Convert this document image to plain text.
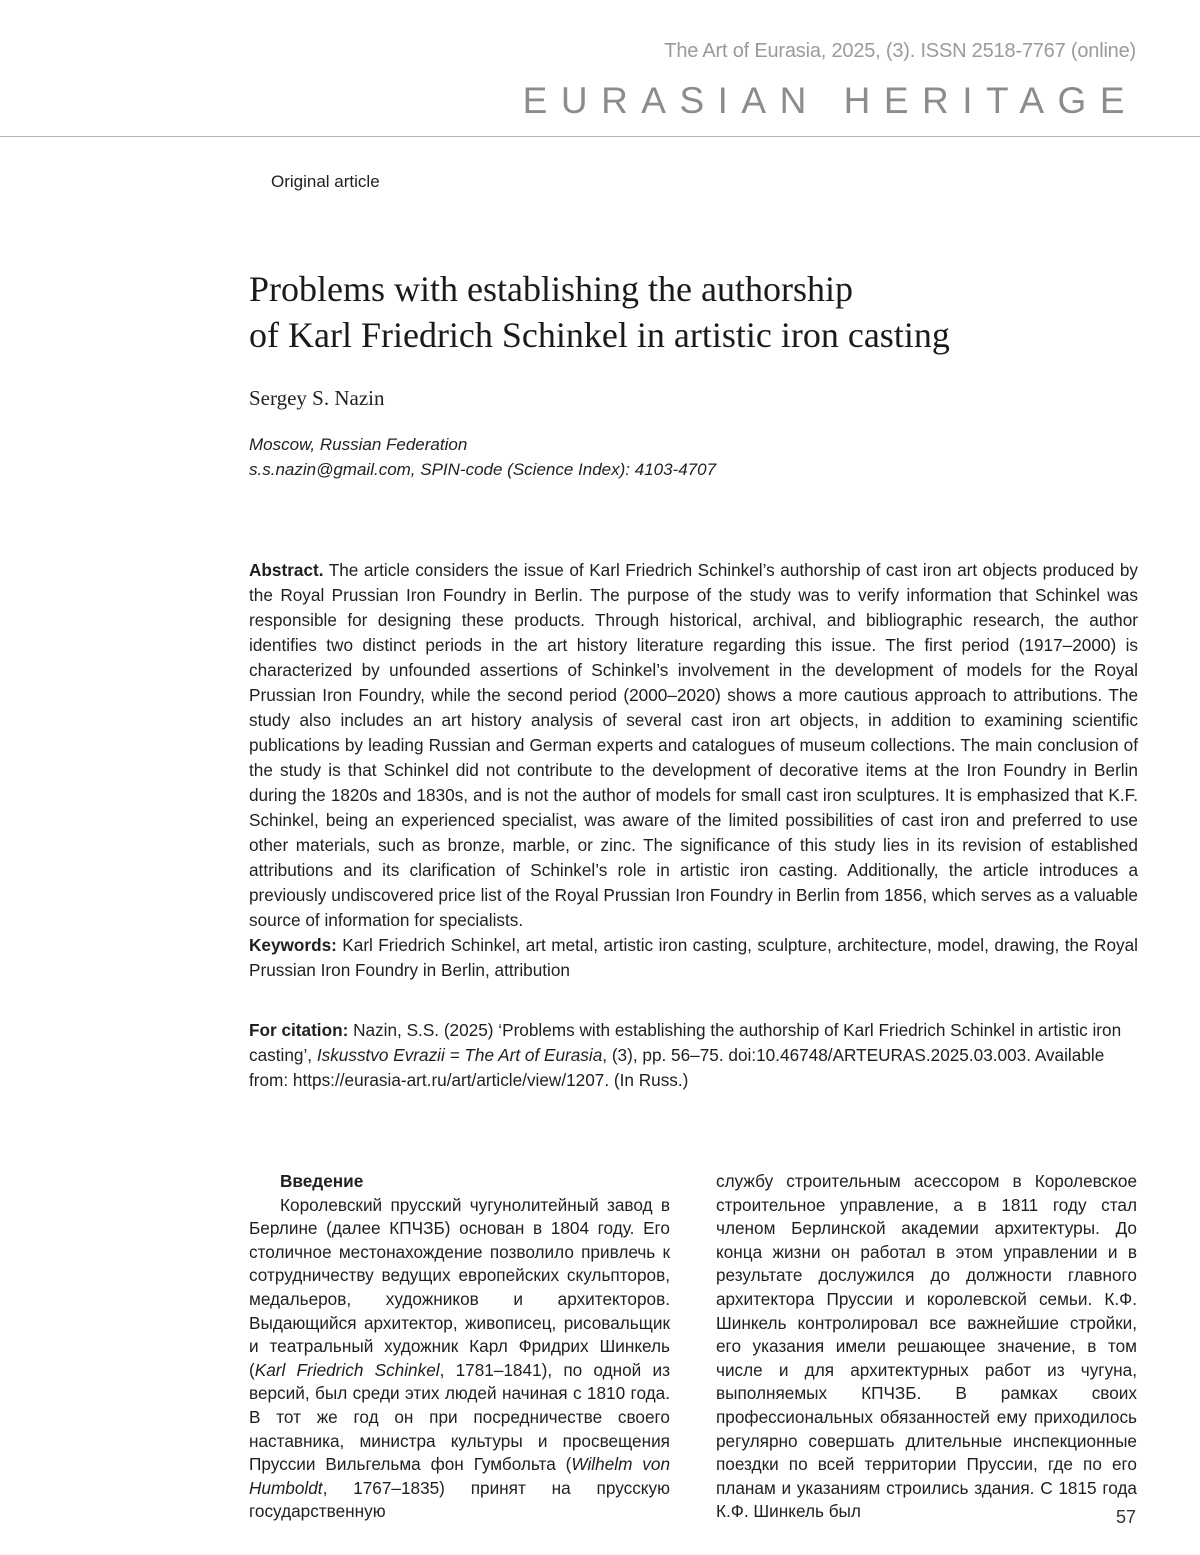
The Art of Eurasia, 2025, (3). ISSN 2518-7767 (online)
EURASIAN HERITAGE
Original article
Problems with establishing the authorship
of Karl Friedrich Schinkel in artistic iron casting
Sergey S. Nazin
Moscow, Russian Federation
s.s.nazin@gmail.com, SPIN-code (Science Index): 4103-4707

Abstract. The article considers the issue of Karl Friedrich Schinkel’s authorship of cast iron art objects produced by the Royal Prussian Iron Foundry in Berlin. The purpose of the study was to verify information that Schinkel was responsible for designing these products. Through historical, archival, and bibliographic research, the author identifies two distinct periods in the art history literature regarding this issue. The first period (1917–2000) is characterized by unfounded assertions of Schinkel’s involvement in the development of models for the Royal Prussian Iron Foundry, while the second period (2000–2020) shows a more cautious approach to attributions. The study also includes an art history analysis of several cast iron art objects, in addition to examining scientific publications by leading Russian and German experts and catalogues of museum collections. The main conclusion of the study is that Schinkel did not contribute to the development of decorative items at the Iron Foundry in Berlin during the 1820s and 1830s, and is not the author of models for small cast iron sculptures. It is emphasized that K.F. Schinkel, being an experienced specialist, was aware of the limited possibilities of cast iron and preferred to use other materials, such as bronze, marble, or zinc. The significance of this study lies in its revision of established attributions and its clarification of Schinkel’s role in artistic iron casting. Additionally, the article introduces a previously undiscovered price list of the Royal Prussian Iron Foundry in Berlin from 1856, which serves as a valuable source of information for specialists.

Keywords: Karl Friedrich Schinkel, art metal, artistic iron casting, sculpture, architecture, model, drawing, the Royal Prussian Iron Foundry in Berlin, attribution

For citation: Nazin, S.S. (2025) ‘Problems with establishing the authorship of Karl Friedrich Schinkel in artistic iron casting’, Iskusstvo Evrazii = The Art of Eurasia, (3), pp. 56–75. doi:10.46748/ARTEURAS.2025.03.003. Available from: https://eurasia-art.ru/art/article/view/1207. (In Russ.)

Введение

Королевский прусский чугунолитейный завод в Берлине (далее КПЧЗБ) основан в 1804 году. Его столичное местонахождение позволило привлечь к сотрудничеству ведущих европейских скульпторов, медальеров, художников и архитекторов. Выдающийся архитектор, живописец, рисовальщик и театральный художник Карл Фридрих Шинкель (Karl Friedrich Schinkel, 1781–1841), по одной из версий, был среди этих людей начиная с 1810 года. В тот же год он при посредничестве своего наставника, министра культуры и просвещения Пруссии Вильгельма фон Гумбольта (Wilhelm von Humboldt, 1767–1835) принят на прусскую государственную

службу строительным асессором в Королевское строительное управление, а в 1811 году стал членом Берлинской академии архитектуры. До конца жизни он работал в этом управлении и в результате дослужился до должности главного архитектора Пруссии и королевской семьи. К.Ф. Шинкель контролировал все важнейшие стройки, его указания имели решающее значение, в том числе и для архитектурных работ из чугуна, выполняемых КПЧЗБ. В рамках своих профессиональных обязанностей ему приходилось регулярно совершать длительные инспекционные поездки по всей территории Пруссии, где по его планам и указаниям строились здания. С 1815 года К.Ф. Шинкель был	57
